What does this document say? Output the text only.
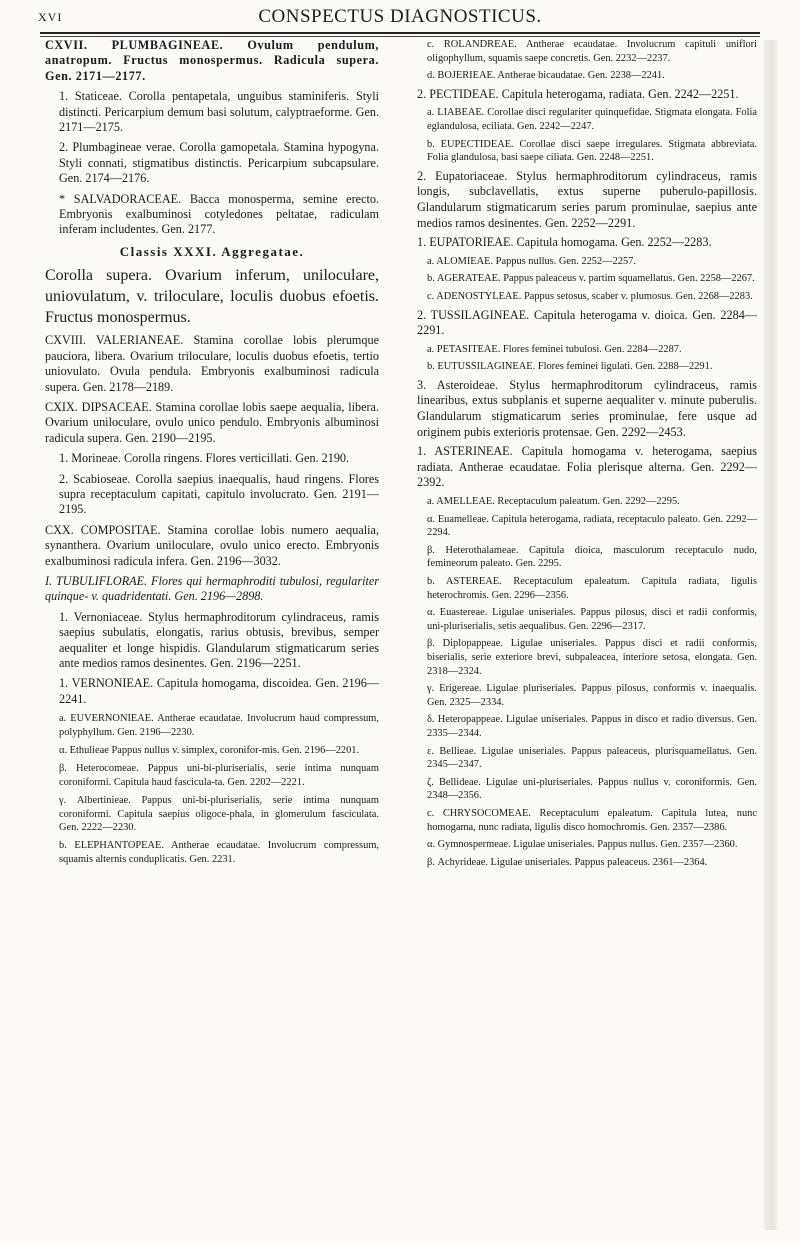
XVI	CONSPECTUS DIAGNOSTICUS.

CXVII. PLUMBAGINEAE. Ovulum pendulum, anatropum. Fructus monospermus. Radicula supera. Gen. 2171—2177.

1. Staticeae. Corolla pentapetala, unguibus staminiferis. Styli distincti. Pericarpium demum basi solutum, calyptraeforme. Gen. 2171—2175.

2. Plumbagineae verae. Corolla gamopetala. Stamina hypogyna. Styli connati, stigmatibus distinctis. Pericarpium subcapsulare. Gen. 2174—2176.

* SALVADORACEAE. Bacca monosperma, semine erecto. Embryonis exalbuminosi cotyledones peltatae, radiculam inferam includentes. Gen. 2177.

Classis XXXI. Aggregatae.

Corolla supera. Ovarium inferum, uniloculare, uniovulatum, v. triloculare, loculis duobus efoetis. Fructus monospermus.

CXVIII. VALERIANEAE. Stamina corollae lobis plerumque pauciora, libera. Ovarium triloculare, loculis duobus efoetis, tertio uniovulato. Ovula pendula. Embryonis exalbuminosi radicula supera. Gen. 2178—2189.

CXIX. DIPSACEAE. Stamina corollae lobis saepe aequalia, libera. Ovarium uniloculare, ovulo unico pendulo. Embryonis albuminosi radicula supera. Gen. 2190—2195.

1. Morineae. Corolla ringens. Flores verticillati. Gen. 2190.

2. Scabioseae. Corolla saepius inaequalis, haud ringens. Flores supra receptaculum capitati, capitulo involucrato. Gen. 2191—2195.

CXX. COMPOSITAE. Stamina corollae lobis numero aequalia, synanthera. Ovarium uniloculare, ovulo unico erecto. Embryonis exalbuminosi radicula infera. Gen. 2196—3032.

I. TUBULIFLORAE. Flores qui hermaphroditi tubulosi, regulariter quinque- v. quadridentati. Gen. 2196—2898.

1. Vernoniaceae. Stylus hermaphroditorum cylindraceus, ramis saepius subulatis, elongatis, rarius obtusis, brevibus, semper aequaliter et longe hispidis. Glandularum stigmaticarum series ante medios ramos desinentes. Gen. 2196—2251.

1. VERNONIEAE. Capitula homogama, discoidea. Gen. 2196—2241.

a. EUVERNONIEAE. Antherae ecaudatae. Involucrum haud compressum, polyphyllum. Gen. 2196—2230.

α. Ethulieae Pappus nullus v. simplex, coronifor-mis. Gen. 2196—2201.

β. Heterocomeae. Pappus uni-bi-pluriserialis, serie intima nunquam coroniformi. Capitula haud fascicula-ta. Gen. 2202—2221.

γ. Albertinieae. Pappus uni-bi-pluriserialis, serie intima nunquam coroniformi. Capitula saepius oligoce-phala, in glomerulum fasciculata. Gen. 2222—2230.

b. ELEPHANTOPEAE. Antherae ecaudatae. Involucrum compressum, squamis alternis conduplicatis. Gen. 2231.

c. ROLANDREAE. Antherae ecaudatae. Involucrum capituli uniflori oligophyllum, squamis saepe concretis. Gen. 2232—2237.

d. BOJERIEAE. Antherae bicaudatae. Gen. 2238—2241.

2. PECTIDEAE. Capitula heterogama, radiata. Gen. 2242—2251.

a. LIABEAE. Corollae disci regulariter quinquefidae. Stigmata elongata. Folia eglandulosa, eciliata. Gen. 2242—2247.

b. EUPECTIDEAE. Corollae disci saepe irregulares. Stigmata abbreviata. Folia glandulosa, basi saepe ciliata. Gen. 2248—2251.

2. Eupatoriaceae. Stylus hermaphroditorum cylindraceus, ramis longis, subclavellatis, extus superne puberulo-papillosis. Glandularum stigmaticarum series parum prominulae, saepius ante medios ramos desinentes. Gen. 2252—2291.

1. EUPATORIEAE. Capitula homogama. Gen. 2252—2283.

a. ALOMIEAE. Pappus nullus. Gen. 2252—2257.

b. AGERATEAE. Pappus paleaceus v. partim squamellatus. Gen. 2258—2267.

c. ADENOSTYLEAE. Pappus setosus, scaber v. plumosus. Gen. 2268—2283.

2. TUSSILAGINEAE. Capitula heterogama v. dioica. Gen. 2284—2291.

a. PETASITEAE. Flores feminei tubulosi. Gen. 2284—2287.

b. EUTUSSILAGINEAE. Flores feminei ligulati. Gen. 2288—2291.

3. Asteroideae. Stylus hermaphroditorum cylindraceus, ramis linearibus, extus subplanis et superne aequaliter v. minute puberulis. Glandularum stigmaticarum series prominulae, fere usque ad originem pubis exterioris protensae. Gen. 2292—2453.

1. ASTERINEAE. Capitula homogama v. heterogama, saepius radiata. Antherae ecaudatae. Folia plerisque alterna. Gen. 2292—2392.

a. AMELLEAE. Receptaculum paleatum. Gen. 2292—2295.

α. Euamelleae. Capitula heterogama, radiata, receptaculo paleato. Gen. 2292—2294.

β. Heterothalameae. Capitula dioica, masculorum receptaculo nudo, femineorum paleato. Gen. 2295.

b. ASTEREAE. Receptaculum epaleatum. Capitula radiata, ligulis heterochromis. Gen. 2296—2356.

α. Euastereae. Ligulae uniseriales. Pappus pilosus, disci et radii conformis, uni-pluriserialis, setis aequalibus. Gen. 2296—2317.

β. Diplopappeae. Ligulae uniseriales. Pappus disci et radii conformis, biserialis, serie exteriore brevi, subpaleacea, interiore setosa, elongata. Gen. 2318—2324.

γ. Erigereae. Ligulae pluriseriales. Pappus pilosus, conformis v. inaequalis. Gen. 2325—2334.

δ. Heteropappeae. Ligulae uniseriales. Pappus in disco et radio diversus. Gen. 2335—2344.

ε. Bellieae. Ligulae uniseriales. Pappus paleaceus, plurisquamellatus. Gen. 2345—2347.

ζ. Bellideae. Ligulae uni-pluriseriales. Pappus nullus v. coroniformis. Gen. 2348—2356.

c. CHRYSOCOMEAE. Receptaculum epaleatum. Capitula lutea, nunc homogama, nunc radiata, ligulis disco homochromis. Gen. 2357—2386.

α. Gymnospermeae. Ligulae uniseriales. Pappus nullus. Gen. 2357—2360.

β. Achyrideae. Ligulae uniseriales. Pappus paleaceus. 2361—2364.
